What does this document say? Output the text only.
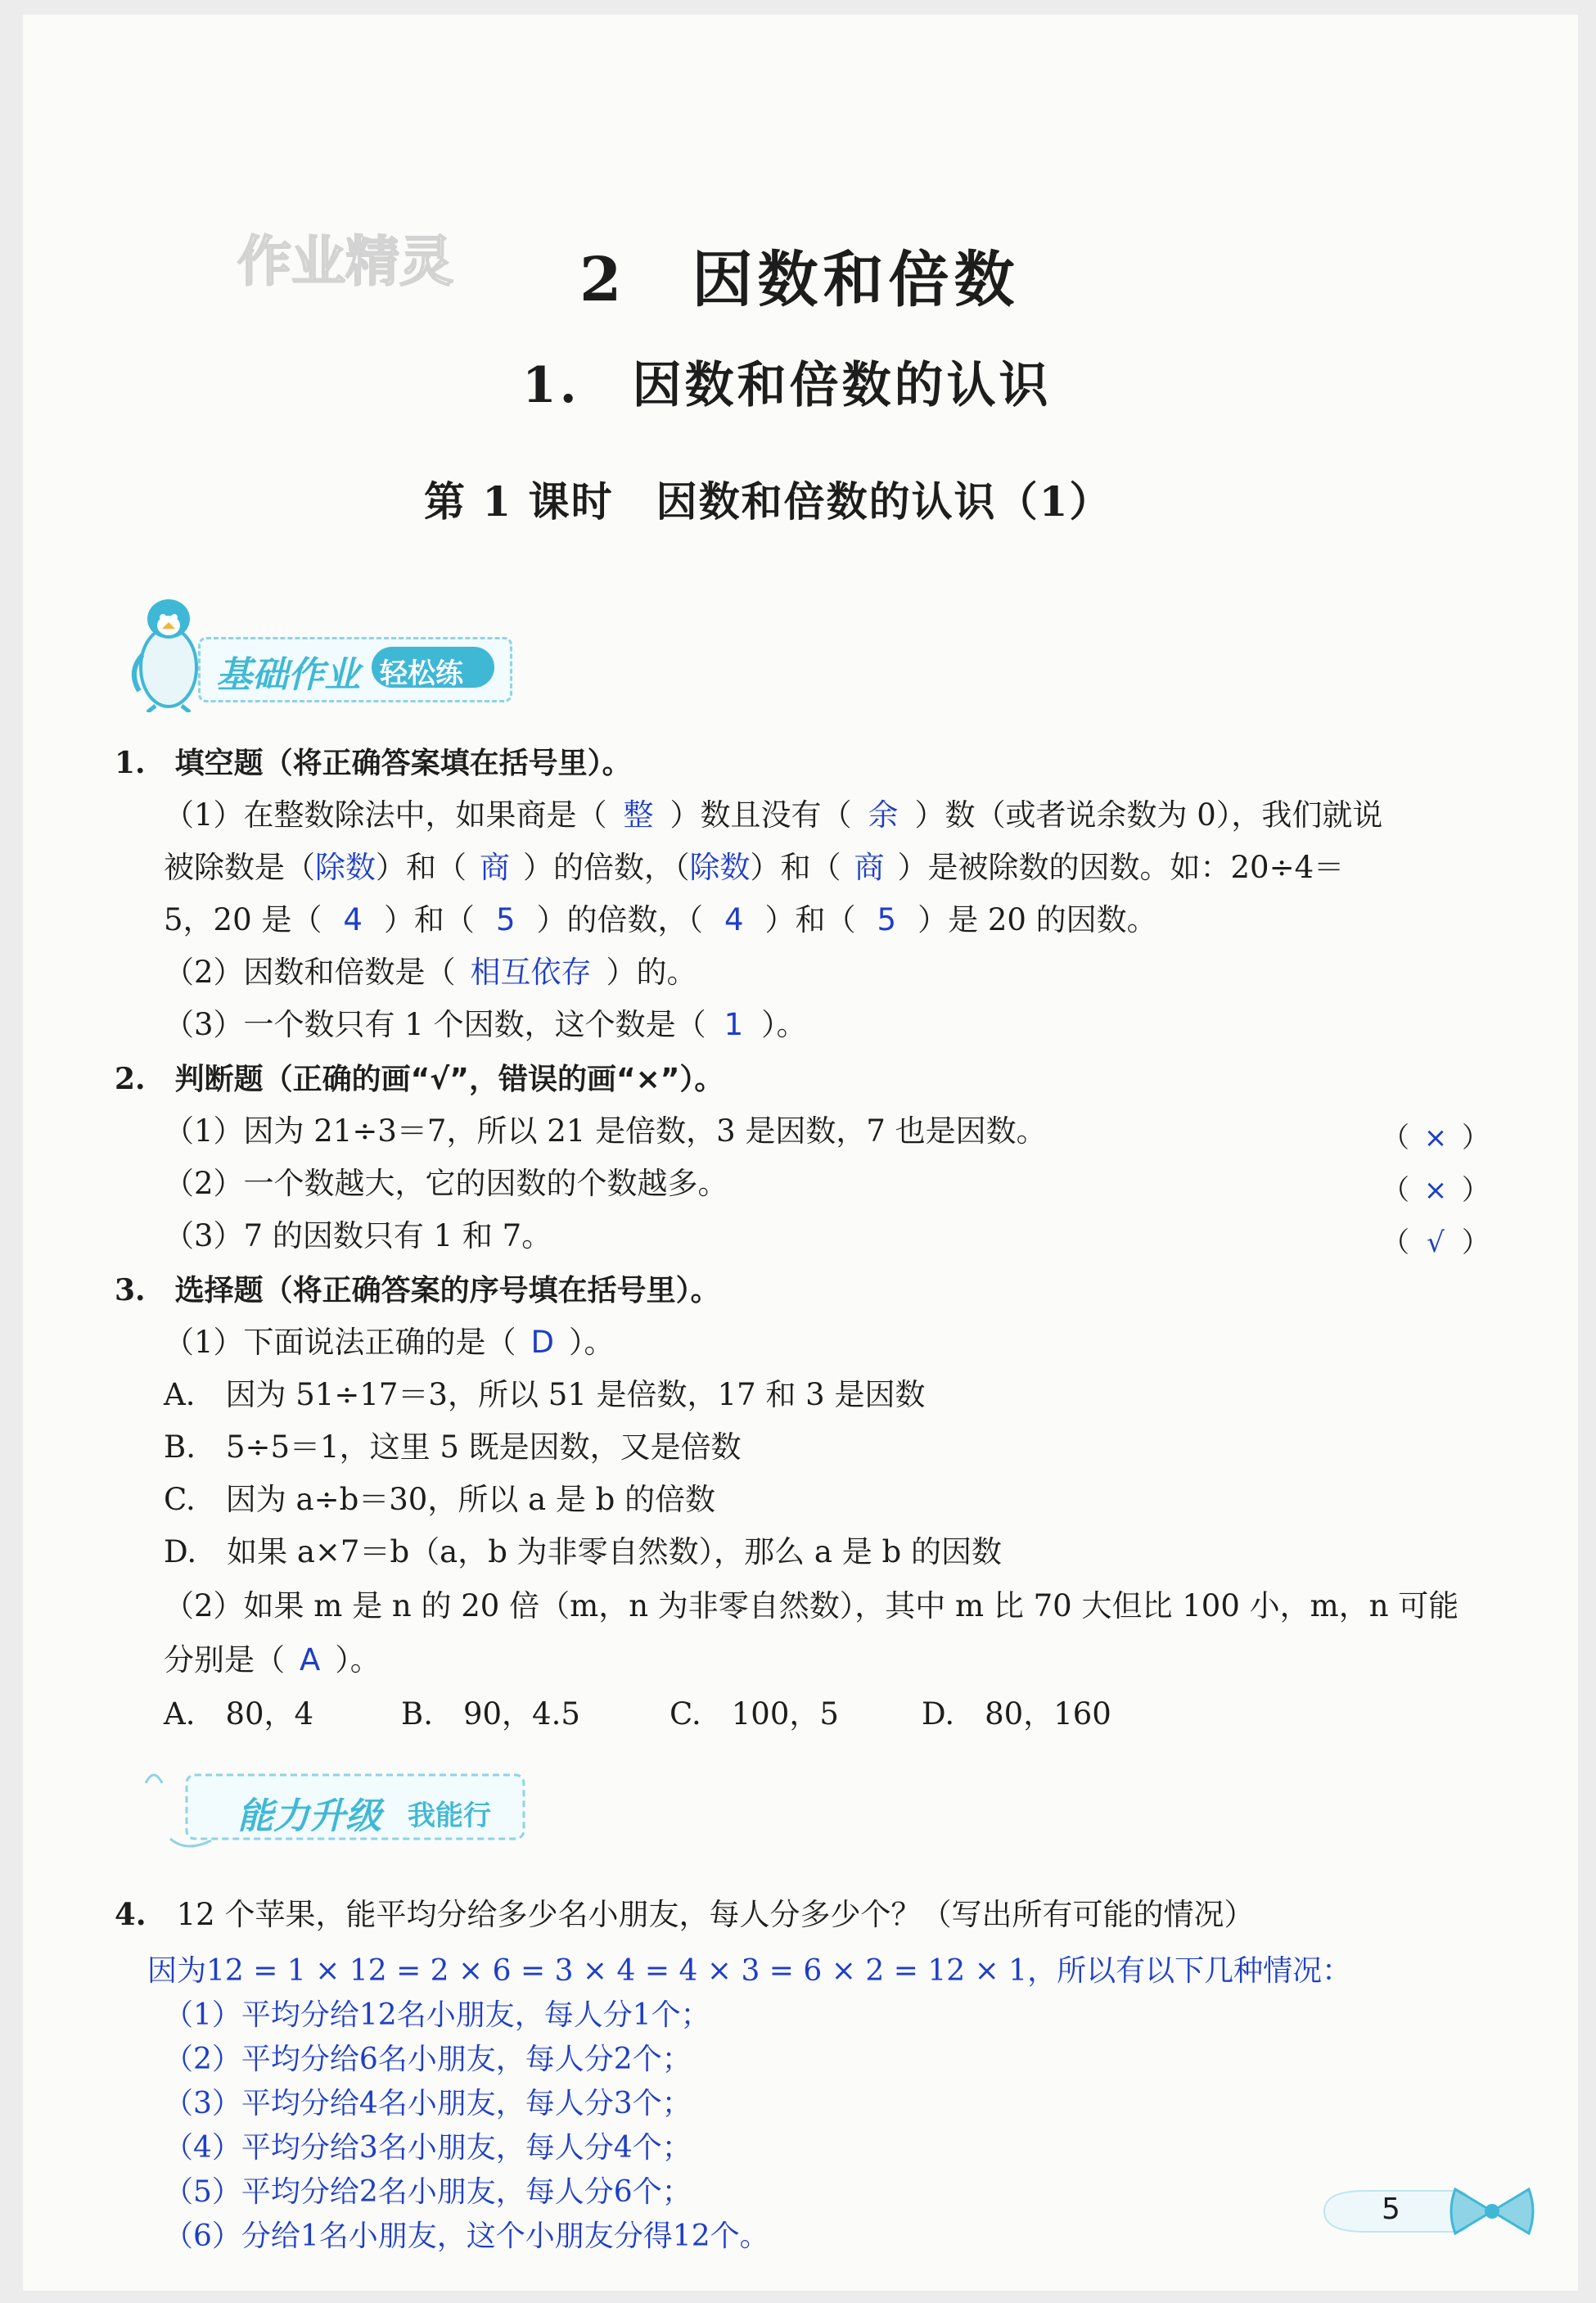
作业精灵 2　因数和倍数
1.　因数和倍数的认识
第 1 课时　因数和倍数的认识（1）
基础作业 轻松练
1.　 填空题（将正确答案填在括号里）。
（1）在整数除法中，如果商是（ 整 ）数且没有（ 余 ）数（或者说余数为 0），我们就说
被除数是（除数）和（ 商 ）的倍数，（除数）和（ 商 ）是被除数的因数。如：20÷4＝
5，20 是（ 4 ）和（ 5 ）的倍数，（ 4 ）和（ 5 ）是 20 的因数。
（2）因数和倍数是（ 相互依存 ）的。
（3）一个数只有 1 个因数，这个数是（ 1 ）。
2.　 判断题（正确的画“√”，错误的画“×”）。
（1）因为 21÷3＝7，所以 21 是倍数，3 是因数，7 也是因数。	（ × ）
（2）一个数越大，它的因数的个数越多。	（ × ）
（3）7 的因数只有 1 和 7。	（ √ ）
3.　 选择题（将正确答案的序号填在括号里）。
（1）下面说法正确的是（ D ）。
A.　因为 51÷17＝3，所以 51 是倍数，17 和 3 是因数
B.　5÷5＝1，这里 5 既是因数，又是倍数
C.　因为 a÷b＝30，所以 a 是 b 的倍数
D.　如果 a×7＝b（a，b 为非零自然数），那么 a 是 b 的因数
（2）如果 m 是 n 的 20 倍（m，n 为非零自然数），其中 m 比 70 大但比 100 小，m，n 可能
分别是（ A ）。
A.　80，4	B.　90，4.5	C.　100，5	D.　80，160
能力升级 我能行
4.　 12 个苹果，能平均分给多少名小朋友，每人分多少个？（写出所有可能的情况）
因为12 = 1 × 12 = 2 × 6 = 3 × 4 = 4 × 3 = 6 × 2 = 12 × 1，所以有以下几种情况：
（1）平均分给12名小朋友，每人分1个；
（2）平均分给6名小朋友，每人分2个；
（3）平均分给4名小朋友，每人分3个；
（4）平均分给3名小朋友，每人分4个；
（5）平均分给2名小朋友，每人分6个；
（6）分给1名小朋友，这个小朋友分得12个。
5
